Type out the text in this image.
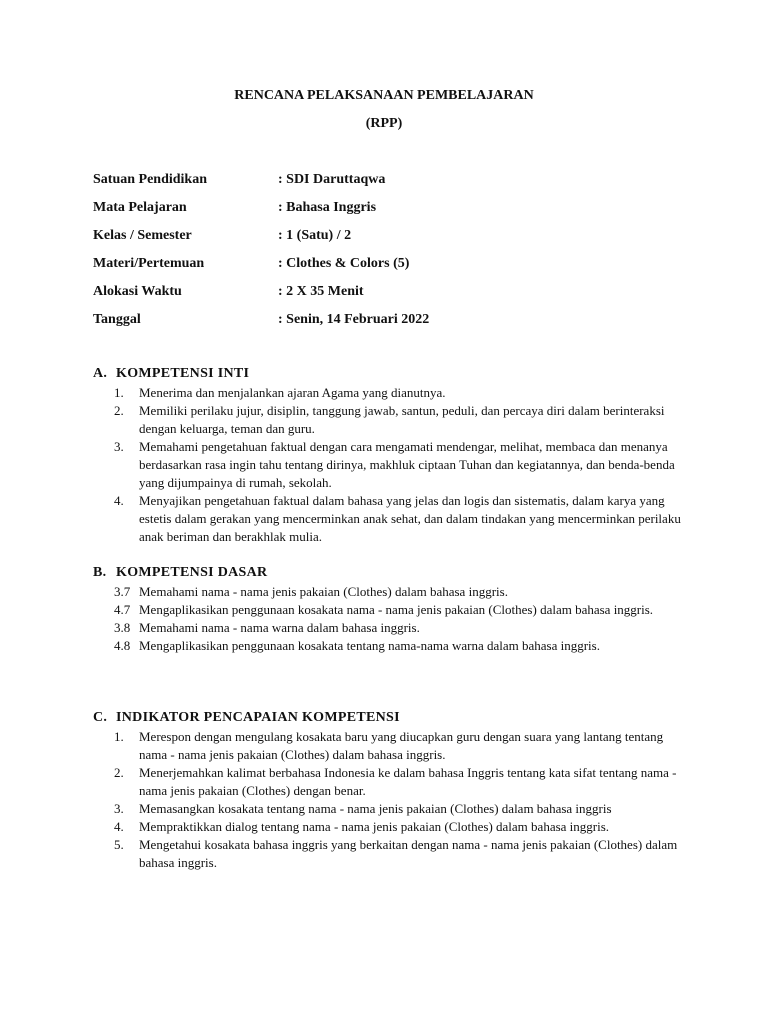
RENCANA PELAKSANAAN PEMBELAJARAN
(RPP)
Satuan Pendidikan	: SDI Daruttaqwa
Mata Pelajaran	: Bahasa Inggris
Kelas / Semester	: 1 (Satu) / 2
Materi/Pertemuan	: Clothes & Colors (5)
Alokasi Waktu	: 2 X 35 Menit
Tanggal	: Senin, 14 Februari 2022
A. KOMPETENSI INTI
1. Menerima dan menjalankan ajaran Agama yang dianutnya.
2. Memiliki perilaku jujur, disiplin, tanggung jawab, santun, peduli, dan percaya diri dalam berinteraksi dengan keluarga, teman dan guru.
3. Memahami pengetahuan faktual dengan cara mengamati mendengar, melihat, membaca dan menanya berdasarkan rasa ingin tahu tentang dirinya, makhluk ciptaan Tuhan dan kegiatannya, dan benda-benda yang dijumpainya di rumah, sekolah.
4. Menyajikan pengetahuan faktual dalam bahasa yang jelas dan logis dan sistematis, dalam karya yang estetis dalam gerakan yang mencerminkan anak sehat, dan dalam tindakan yang mencerminkan perilaku anak beriman dan berakhlak mulia.
B. KOMPETENSI DASAR
3.7 Memahami nama - nama jenis pakaian (Clothes) dalam bahasa inggris.
4.7 Mengaplikasikan penggunaan kosakata nama - nama jenis pakaian (Clothes) dalam bahasa inggris.
3.8 Memahami nama - nama warna dalam bahasa inggris.
4.8 Mengaplikasikan penggunaan kosakata tentang nama-nama warna dalam bahasa inggris.
C. INDIKATOR PENCAPAIAN KOMPETENSI
1. Merespon dengan mengulang kosakata baru yang diucapkan guru dengan suara yang lantang tentang nama - nama jenis pakaian (Clothes) dalam bahasa inggris.
2. Menerjemahkan kalimat berbahasa Indonesia ke dalam bahasa Inggris tentang kata sifat tentang nama - nama jenis pakaian (Clothes) dengan benar.
3. Memasangkan kosakata tentang nama - nama jenis pakaian (Clothes) dalam bahasa inggris
4. Mempraktikkan dialog tentang nama - nama jenis pakaian (Clothes) dalam bahasa inggris.
5. Mengetahui kosakata bahasa inggris yang berkaitan dengan nama - nama jenis pakaian (Clothes) dalam bahasa inggris.
